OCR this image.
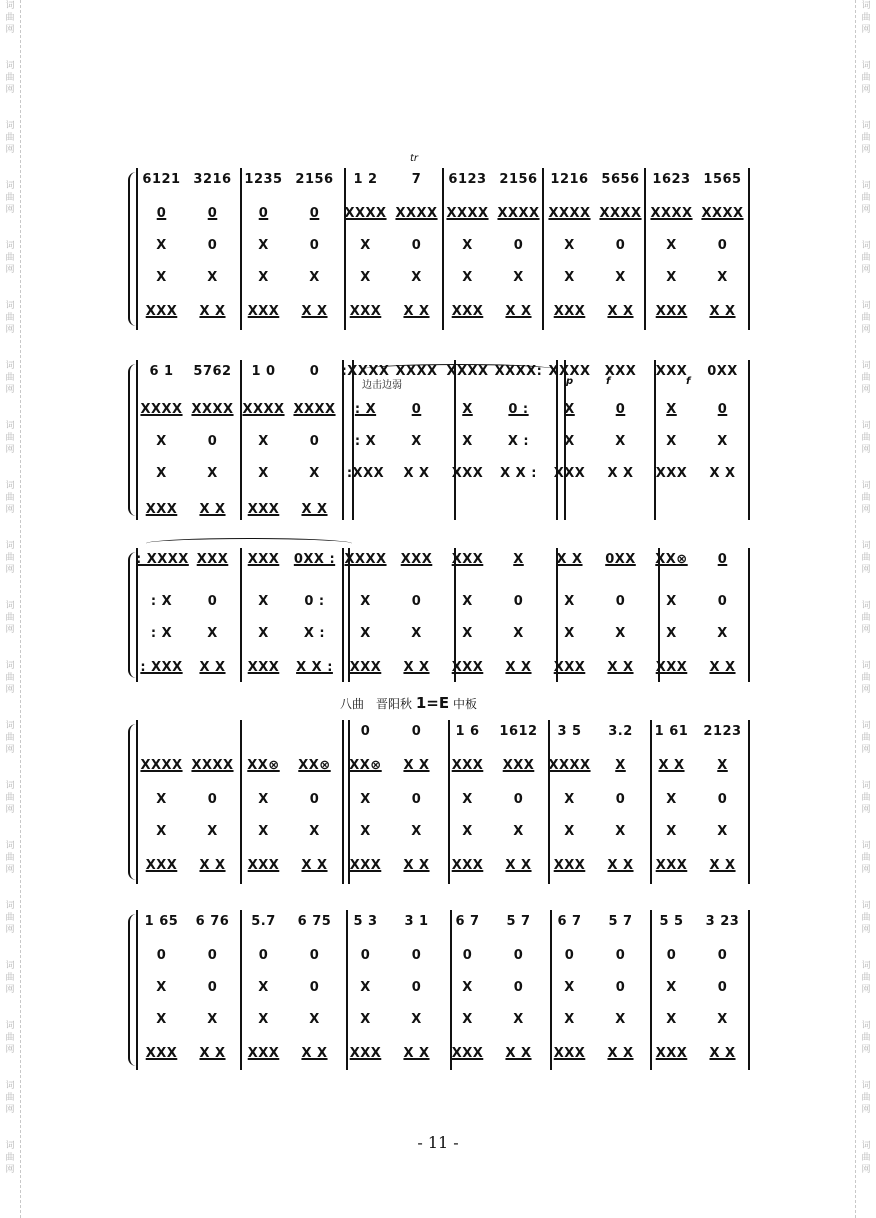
词
曲
网
词
曲
网
词
曲
网
词
曲
网
词
曲
网
词
曲
网
词
曲
网
词
曲
网
词
曲
网
词
曲
网
词
曲
网
词
曲
网
词
曲
网
词
曲
网
词
曲
网
词
曲
网
词
曲
网
词
曲
网
词
曲
网
词
曲
网
词
曲
网
词
曲
网
词
曲
网
词
曲
网
词
曲
网
词
曲
网
词
曲
网
词
曲
网
词
曲
网
词
曲
网
词
曲
网
词
曲
网
词
曲
网
词
曲
网
词
曲
网
词
曲
网
词
曲
网
词
曲
网
词
曲
网
词
曲
网
6121 3216 1235 2156	1 2	7	6123 2156 1216 5656 1623 1565
0	0	0	0	XXXX XXXX XXXX XXXX XXXX XXXX XXXX XXXX
X	0	X	0	X	0	X	0	X	0	X	0
X	X	X	X	X	X	X	X	X	X	X	X
XXX	X X	XXX	X X	XXX	X X	XXX	X X	XXX	X X	XXX	X X
6 1	5762	1 0	0	:XXXX XXXX XXXX XXXX: XXXX	XXX	XXX	0XX
XXXX XXXX XXXX XXXX	: X	0	X	0 :	X	0	X	0
X	0	X	0	: X	X	X	X :	X	X	X	X
X	X	X	X	:XXX	X X	XXX	X X :	XXX	X X	XXX	X X
XXX	X X	XXX	X X
: XXXX XXX	XXX	0XX : XXXX	XXX	XXX	X	X X	0XX	XX⊗	0
: X	0	X	0 :	X	0	X	0	X	0	X	0
: X	X	X	X :	X	X	X	X	X	X	X	X
: XXX	X X	XXX	X X :	XXX	X X	XXX	X X	XXX	X X	XXX	X X
0	0	1 6	1612	3 5	3.2	1 61	2123
XXXX XXXX	XX⊗	XX⊗	XX⊗	X X	XXX	XXX	XXXX	X	X X	X
X	0	X	0	X	0	X	0	X	0	X	0
X	X	X	X	X	X	X	X	X	X	X	X
XXX	X X	XXX	X X	XXX	X X	XXX	X X	XXX	X X	XXX	X X
1 65	6 76	5.7	6 75	5 3	3 1	6 7	5 7	6 7	5 7	5 5	3 23
0	0	0	0	0	0	0	0	0	0	0	0
X	0	X	0	X	0	X	0	X	0	X	0
X	X	X	X	X	X	X	X	X	X	X	X
XXX	X X	XXX	X X	XXX	X X	XXX	X X	XXX	X X	XXX	X X
tr
边击边弱	p	f	f
八曲　晋阳秋 1=E 中板
- 11 -
